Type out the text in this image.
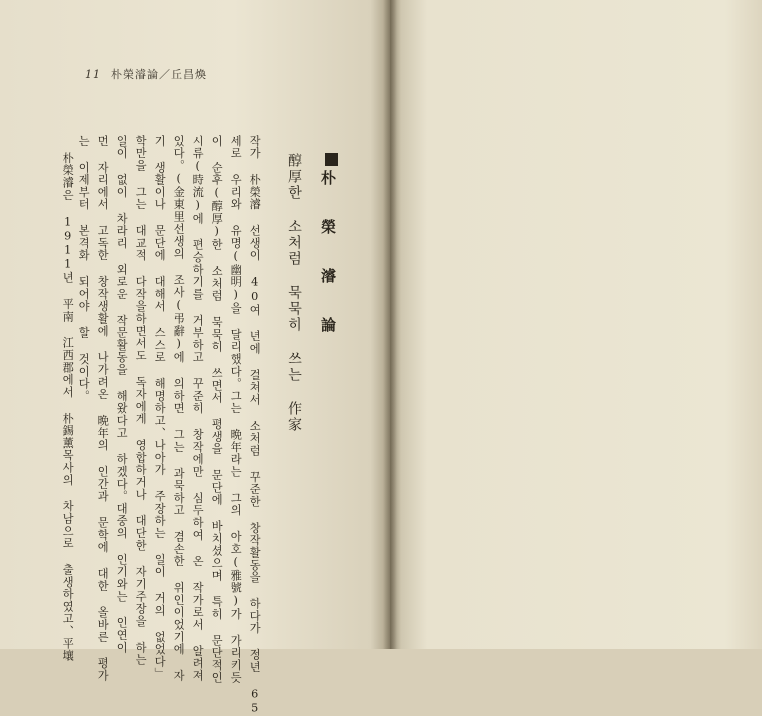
11 朴榮濬論／丘昌煥
朴 榮 濬 論
醇厚한 소처럼 묵묵히 쓰는 作家
작가 朴榮濬 선생이 40여 년에 걸쳐서 소처럼 꾸준한 창작활동을 하다가 정년 65
세로 우리와 유명(幽明)을 달리했다。그는 晩年라는 그의 아호(雅號)가 가리키듯
이 순후(醇厚)한 소처럼 묵묵히 쓰면서 평생을 문단에 바치셨으며 특히 문단적인
시류(時流)에 편승하기를 거부하고 꾸준히 창작에만 심두하여 온 작가로서 알려져
있다。(金東里선생의 조사(弔辭)에 의하면 그는 과묵하고 겸손한 위인이었기에 자
기 생활이나 문단에 대해서 스스로 해명하고、나아가 주장하는 일이 거의 없었다」
학만을 그는 대교적 다작을하면서도 독자에게 영합하거나 대단한 자기주장을 하는
일이 없이 차라리 외로운 작문활동을 해왔다고 하겠다。대중의 인기와는 인연이
먼 자리에서 고독한 창작생활에 나가려온 晩年의 인간과 문학에 대한 올바른 평가
는 이제부터 본격화 되어야 할 것이다。
朴榮濬은 1911년 平南 江西郡에서 朴錫薰목사의 차남으로 출생하였고、平壤
